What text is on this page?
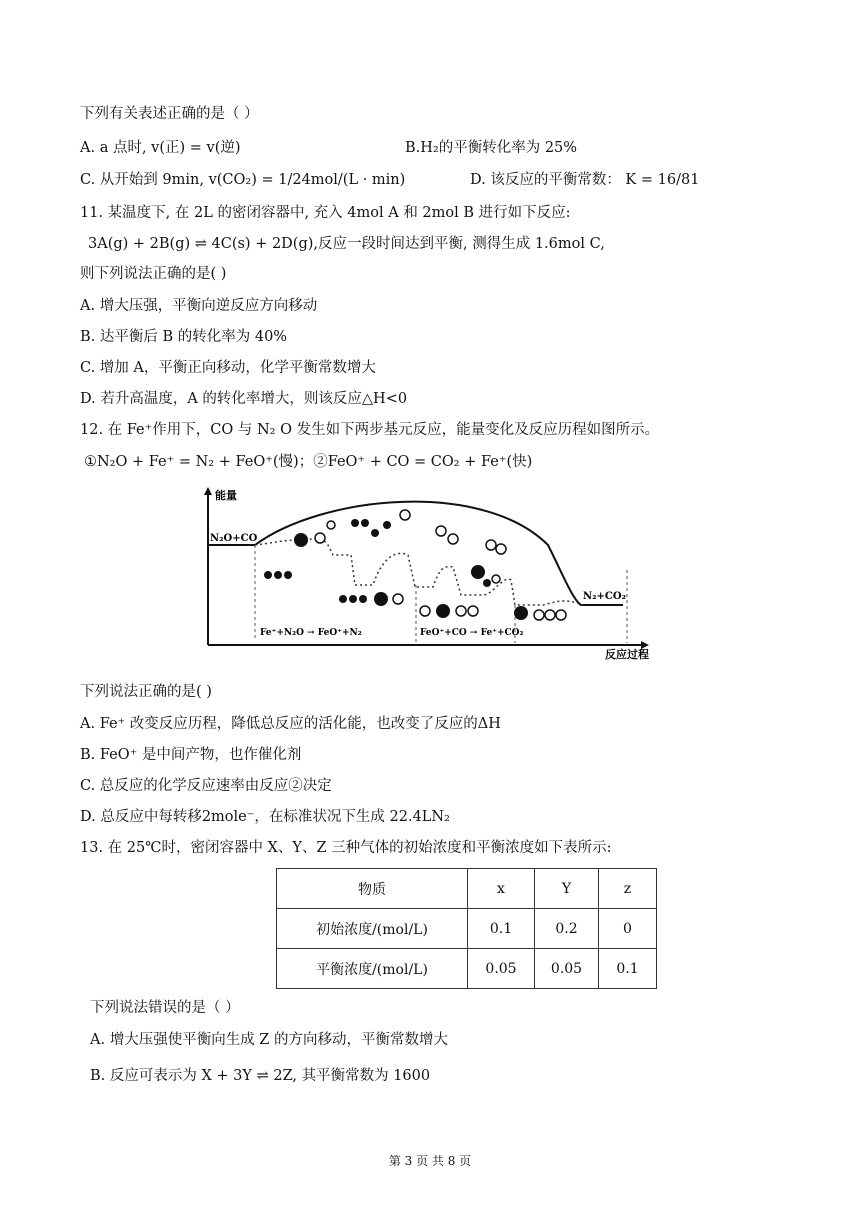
下列有关表述正确的是（ ）
A. a 点时, v(正) = v(逆)	B.H₂的平衡转化率为 25%
C. 从开始到 9min, v(CO₂) = 1/24mol/(L · min)	D. 该反应的平衡常数： K = 16/81
11. 某温度下, 在 2L 的密闭容器中, 充入 4mol A 和 2mol B 进行如下反应:
3A(g) + 2B(g) ⇌ 4C(s) + 2D(g),反应一段时间达到平衡, 测得生成 1.6mol C,
则下列说法正确的是( )
A. 增大压强，平衡向逆反应方向移动
B. 达平衡后 B 的转化率为 40%
C. 增加 A，平衡正向移动，化学平衡常数增大
D. 若升高温度，A 的转化率增大，则该反应△H<0
12. 在 Fe⁺作用下，CO 与 N₂ O 发生如下两步基元反应，能量变化及反应历程如图所示。
①N₂O + Fe⁺ = N₂ + FeO⁺(慢)；②FeO⁺ + CO = CO₂ + Fe⁺(快)
能量
反应过程
N₂O+CO
N₂+CO₂
Fe⁺+N₂O → FeO⁺+N₂	FeO⁺+CO → Fe⁺+CO₂
下列说法正确的是( )
A. Fe⁺ 改变反应历程，降低总反应的活化能，也改变了反应的ΔH
B. FeO⁺ 是中间产物，也作催化剂
C. 总反应的化学反应速率由反应②决定
D. 总反应中每转移2mole⁻，在标准状况下生成 22.4LN₂
13. 在 25℃时，密闭容器中 X、Y、Z 三种气体的初始浓度和平衡浓度如下表所示:
物质	x	Y	z
初始浓度/(mol/L)	0.1	0.2	0
平衡浓度/(mol/L)	0.05	0.05	0.1
下列说法错误的是（ ）
A. 增大压强使平衡向生成 Z 的方向移动，平衡常数增大
B. 反应可表示为 X + 3Y ⇌ 2Z, 其平衡常数为 1600
第 3 页 共 8 页
